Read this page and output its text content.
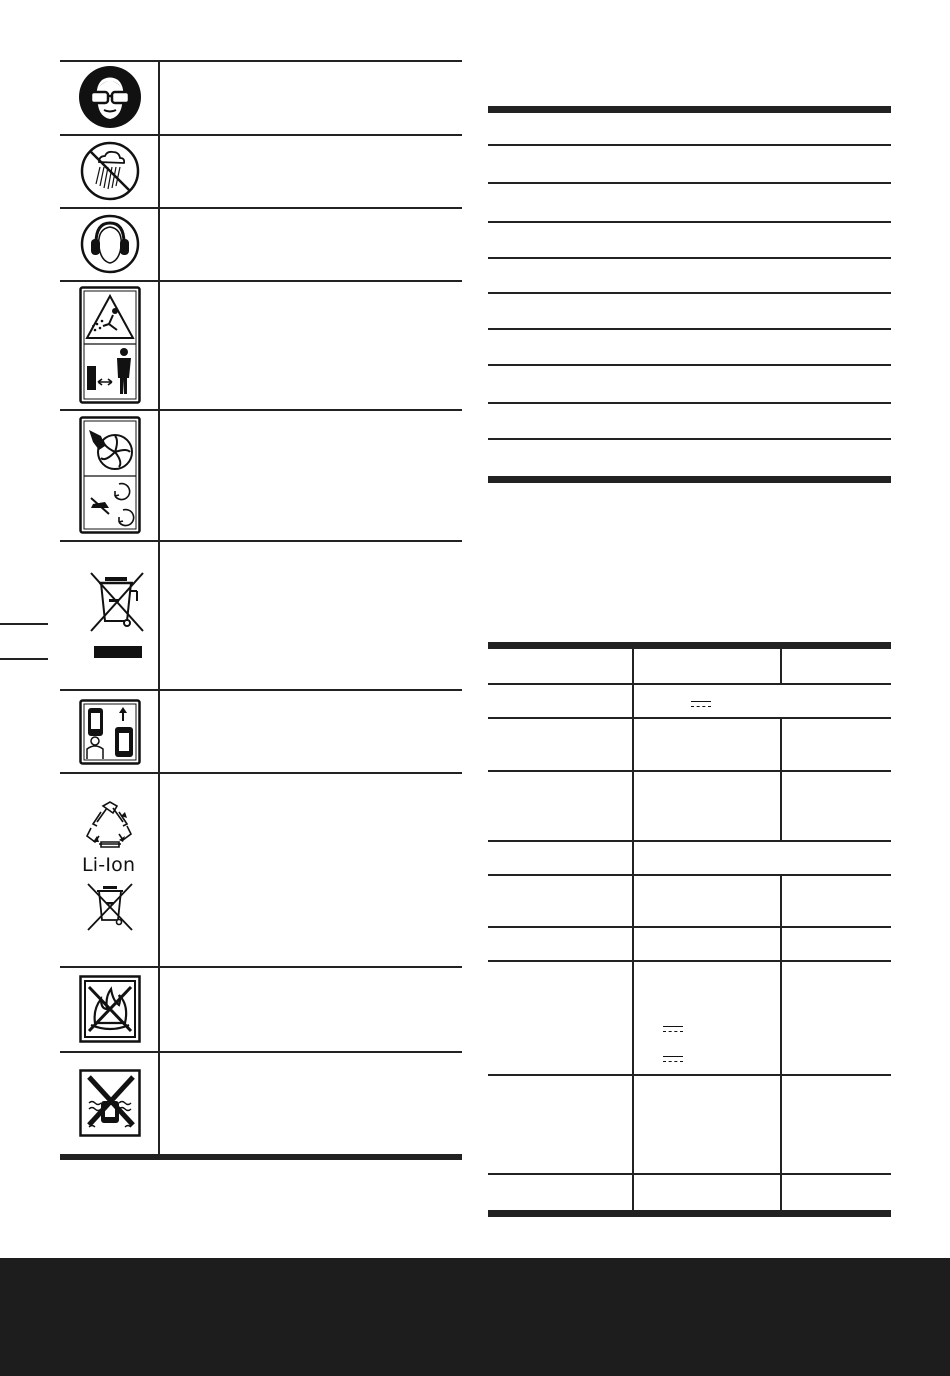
Li-Ion
